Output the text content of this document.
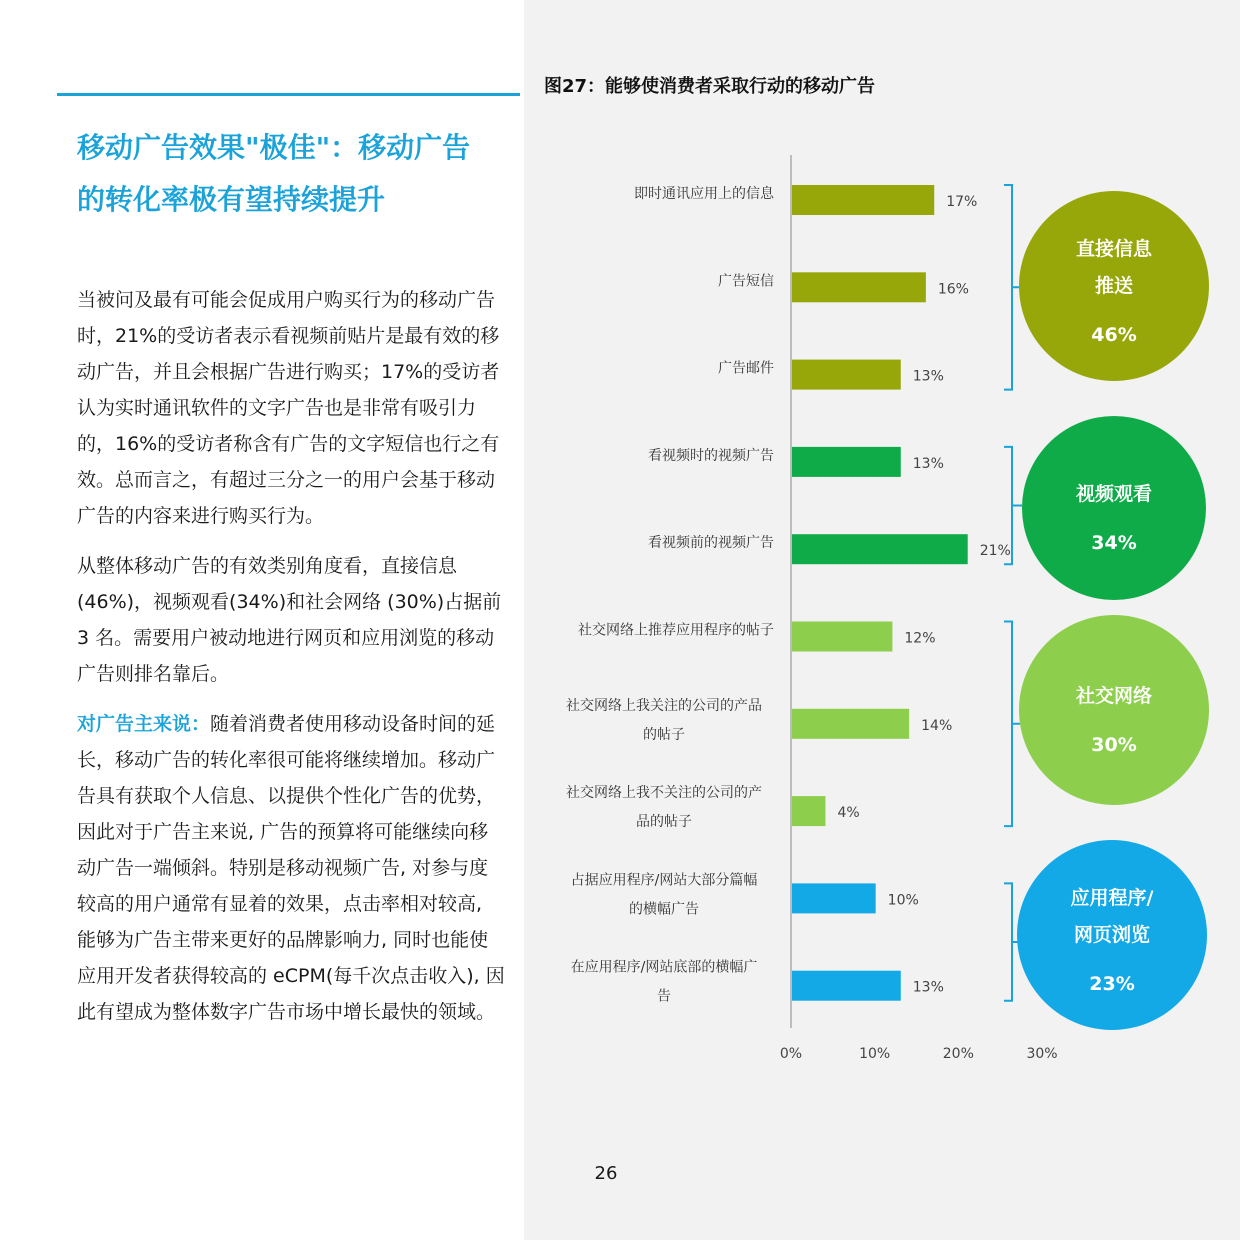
移动广告效果"极佳"：移动广告
的转化率极有望持续提升

当被问及最有可能会促成用户购买行为的移动广告时，21%的受访者表示看视频前贴片是最有效的移动广告，并且会根据广告进行购买；17%的受访者认为实时通讯软件的文字广告也是非常有吸引力的，16%的受访者称含有广告的文字短信也行之有效。总而言之，有超过三分之一的用户会基于移动广告的内容来进行购买行为。

从整体移动广告的有效类别角度看，直接信息(46%)，视频观看(34%)和社会网络 (30%)占据前 3 名。需要用户被动地进行网页和应用浏览的移动广告则排名靠后。

对广告主来说：随着消费者使用移动设备时间的延长，移动广告的转化率很可能将继续增加。移动广告具有获取个人信息、以提供个性化广告的优势，因此对于广告主来说, 广告的预算将可能继续向移动广告一端倾斜。特别是移动视频广告, 对参与度较高的用户通常有显着的效果，点击率相对较高, 能够为广告主带来更好的品牌影响力, 同时也能使应用开发者获得较高的 eCPM(每千次点击收入), 因此有望成为整体数字广告市场中增长最快的领域。

图27：能够使消费者采取行动的移动广告
17%
即时通讯应用上的信息
16%
广告短信
13%
广告邮件
13%
看视频时的视频广告
21%
看视频前的视频广告
12%
社交网络上推荐应用程序的帖子
14%
社交网络上我关注的公司的产品
的帖子
4%
社交网络上我不关注的公司的产
品的帖子
10%
占据应用程序/网站大部分篇幅
的横幅广告
13%
在应用程序/网站底部的横幅广
告
0%	10%	20%	30%
直接信息
推送
46%
视频观看
34%
社交网络
30%
应用程序/
网页浏览
23%
26
